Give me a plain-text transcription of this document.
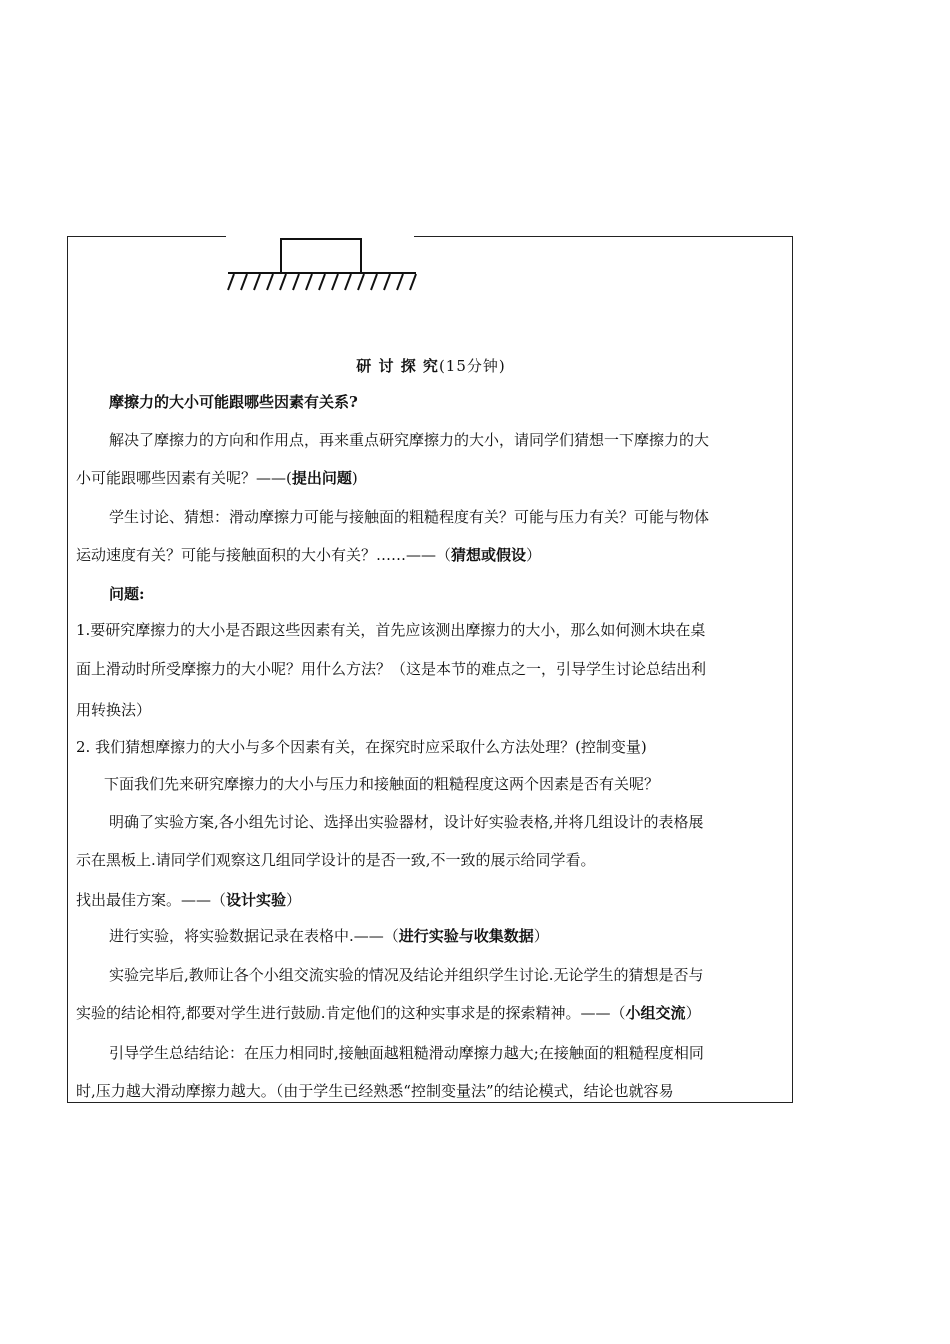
研 讨 探 究(15分钟)
摩擦力的大小可能跟哪些因素有关系?
解决了摩擦力的方向和作用点，再来重点研究摩擦力的大小，请同学们猜想一下摩擦力的大
小可能跟哪些因素有关呢？——(提出问题)
学生讨论、猜想：滑动摩擦力可能与接触面的粗糙程度有关？可能与压力有关？可能与物体
运动速度有关？可能与接触面积的大小有关？……——（猜想或假设）
问题:
1.要研究摩擦力的大小是否跟这些因素有关，首先应该测出摩擦力的大小，那么如何测木块在桌
面上滑动时所受摩擦力的大小呢？用什么方法？（这是本节的难点之一，引导学生讨论总结出利
用转换法）
2. 我们猜想摩擦力的大小与多个因素有关，在探究时应采取什么方法处理？(控制变量)
下面我们先来研究摩擦力的大小与压力和接触面的粗糙程度这两个因素是否有关呢？
明确了实验方案,各小组先讨论、选择出实验器材，设计好实验表格,并将几组设计的表格展
示在黑板上.请同学们观察这几组同学设计的是否一致,不一致的展示给同学看。
找出最佳方案。——（设计实验）
进行实验，将实验数据记录在表格中.——（进行实验与收集数据）
实验完毕后,教师让各个小组交流实验的情况及结论并组织学生讨论.无论学生的猜想是否与
实验的结论相符,都要对学生进行鼓励.肯定他们的这种实事求是的探索精神。——（小组交流）
引导学生总结结论：在压力相同时,接触面越粗糙滑动摩擦力越大;在接触面的粗糙程度相同
时,压力越大滑动摩擦力越大。（由于学生已经熟悉“控制变量法”的结论模式，结论也就容易
